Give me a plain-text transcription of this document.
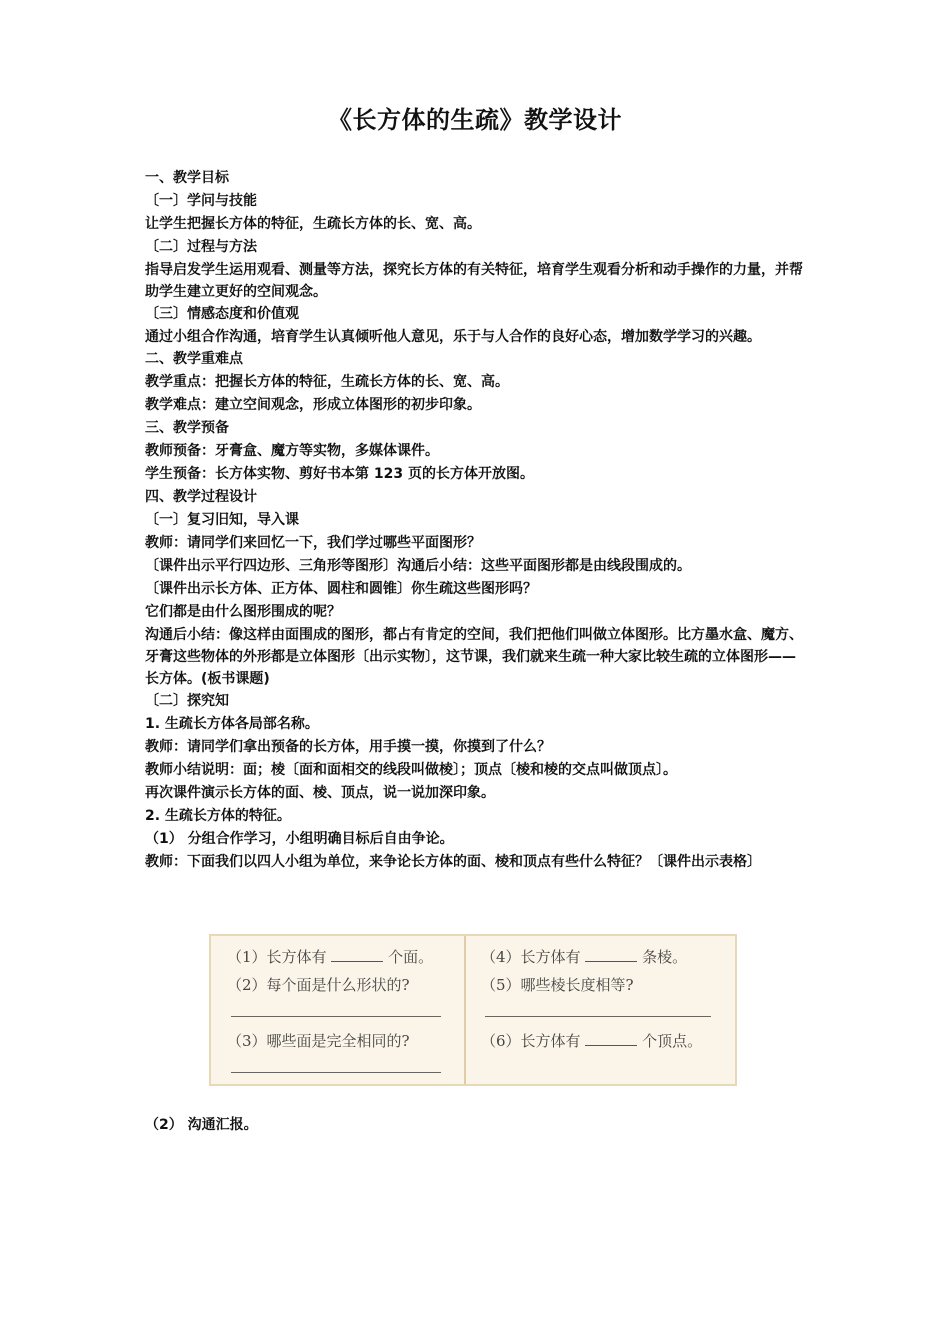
《长方体的生疏》教学设计

一、教学目标

〔一〕学问与技能

让学生把握长方体的特征，生疏长方体的长、宽、高。

〔二〕过程与方法

指导启发学生运用观看、测量等方法，探究长方体的有关特征，培育学生观看分析和动手操作的力量，并帮助学生建立更好的空间观念。

〔三〕情感态度和价值观

通过小组合作沟通，培育学生认真倾听他人意见，乐于与人合作的良好心态，增加数学学习的兴趣。

二、教学重难点

教学重点：把握长方体的特征，生疏长方体的长、宽、高。

教学难点：建立空间观念，形成立体图形的初步印象。

三、教学预备

教师预备：牙膏盒、魔方等实物，多媒体课件。

学生预备：长方体实物、剪好书本第 123 页的长方体开放图。

四、教学过程设计

〔一〕复习旧知，导入课

教师：请同学们来回忆一下，我们学过哪些平面图形？

〔课件出示平行四边形、三角形等图形〕沟通后小结：这些平面图形都是由线段围成的。

〔课件出示长方体、正方体、圆柱和圆锥〕你生疏这些图形吗？

它们都是由什么图形围成的呢？

沟通后小结：像这样由面围成的图形，都占有肯定的空间，我们把他们叫做立体图形。比方墨水盒、魔方、牙膏这些物体的外形都是立体图形〔出示实物〕，这节课，我们就来生疏一种大家比较生疏的立体图形——长方体。(板书课题)

〔二〕探究知

1. 生疏长方体各局部名称。

教师：请同学们拿出预备的长方体，用手摸一摸，你摸到了什么？

教师小结说明：面；棱〔面和面相交的线段叫做棱〕；顶点〔棱和棱的交点叫做顶点〕。

再次课件演示长方体的面、棱、顶点，说一说加深印象。

2. 生疏长方体的特征。

（1） 分组合作学习，小组明确目标后自由争论。

教师：下面我们以四人小组为单位，来争论长方体的面、棱和顶点有些什么特征？〔课件出示表格〕

（1）长方体有	个面。
（2）每个面是什么形状的?
（3）哪些面是完全相同的?
（4）长方体有	条棱。
（5）哪些棱长度相等?
（6）长方体有	个顶点。

（2） 沟通汇报。
